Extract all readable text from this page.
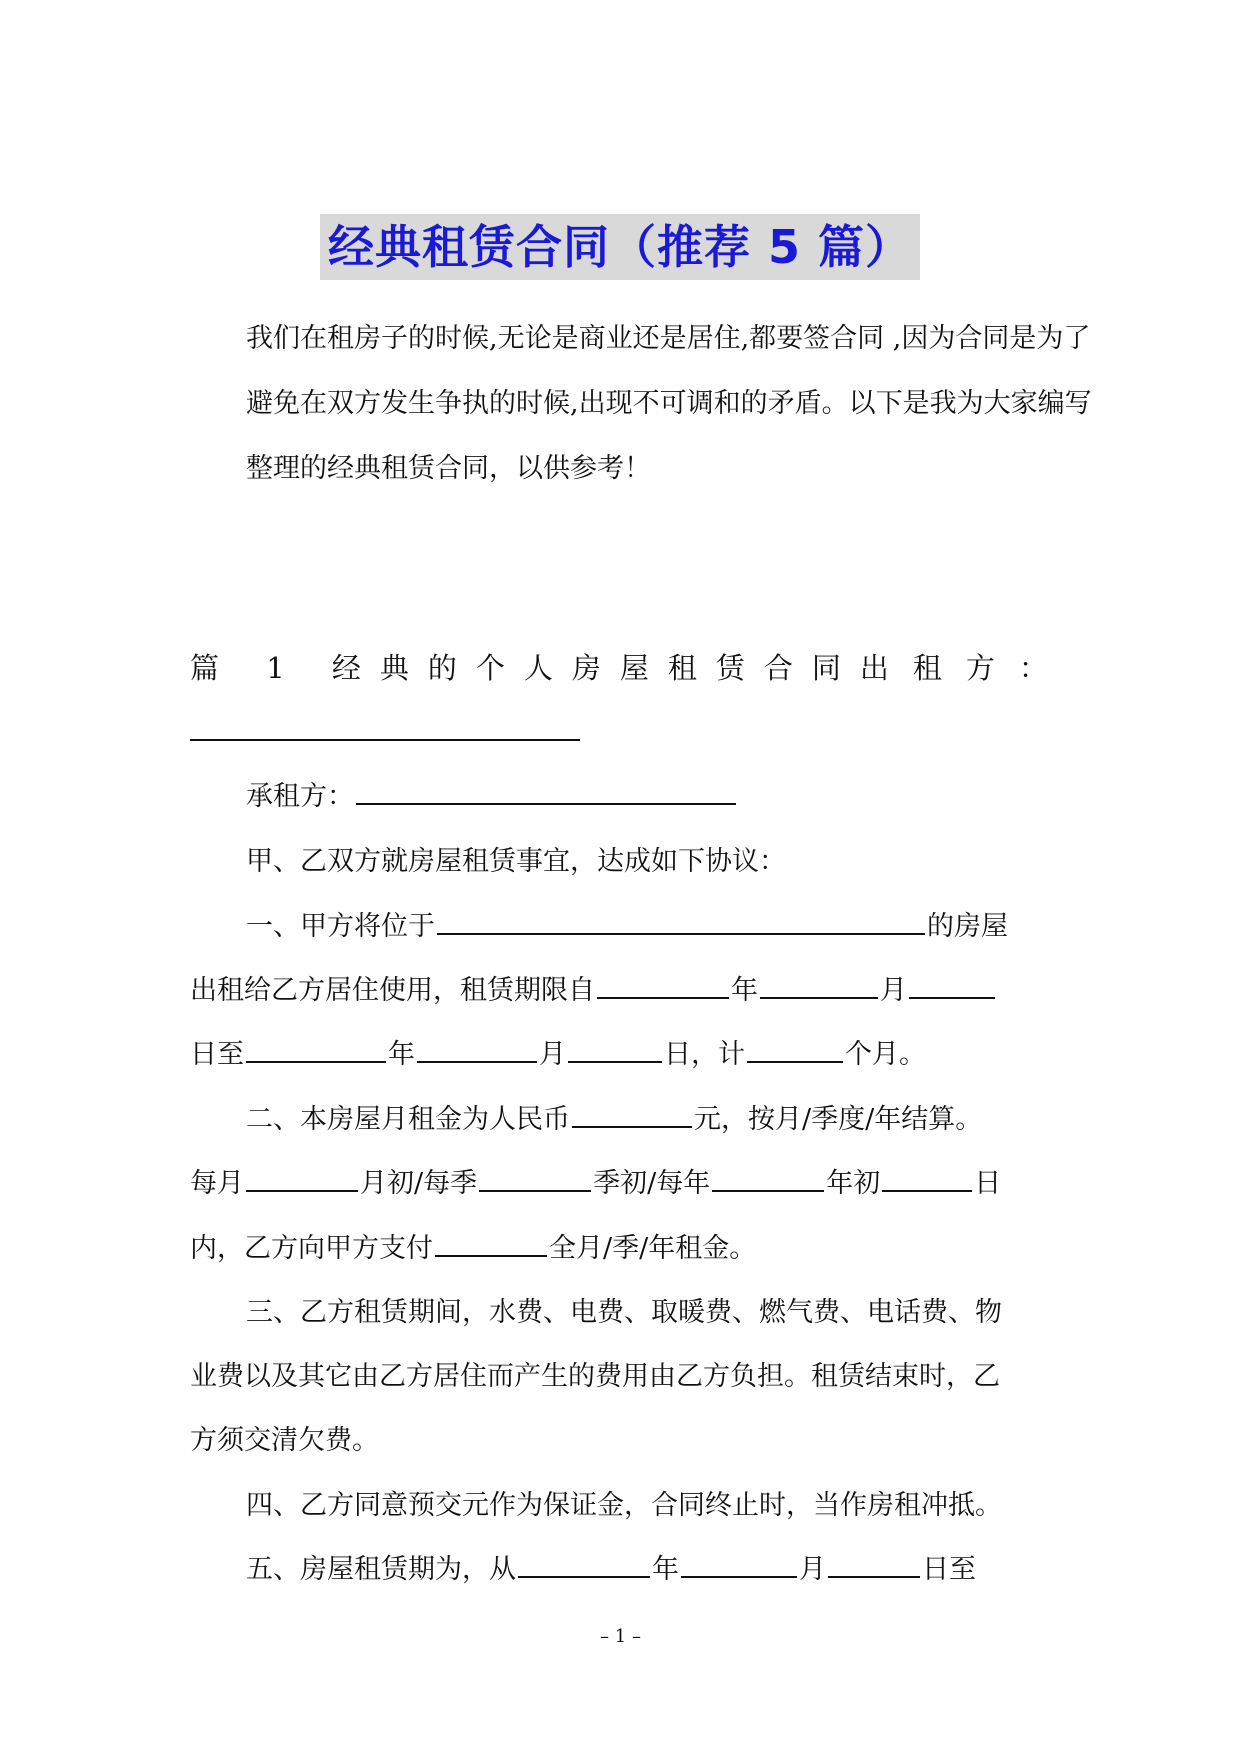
经典租赁合同（推荐 5 篇）
我们在租房子的时候,无论是商业还是居住,都要签合同 ,因为合同是为了避免在双方发生争执的时候,出现不可调和的矛盾。以下是我为大家编写整理的经典租赁合同，以供参考！
篇 1 经典的个人房屋租赁合同 出租方：
承租方：
甲、乙双方就房屋租赁事宜，达成如下协议：
一、甲方将位于	的房屋
出租给乙方居住使用，租赁期限自	年	月
日至	年	月	日，计	个月。
二、本房屋月租金为人民币	元，按月/季度/年结算。
每月	月初/每季	季初/每年	年初	日
内，乙方向甲方支付	全月/季/年租金。
三、乙方租赁期间，水费、电费、取暖费、燃气费、电话费、物
业费以及其它由乙方居住而产生的费用由乙方负担。租赁结束时，乙
方须交清欠费。
四、乙方同意预交元作为保证金，合同终止时，当作房租冲抵。
五、房屋租赁期为，从	年	月	日至
– 1 –
